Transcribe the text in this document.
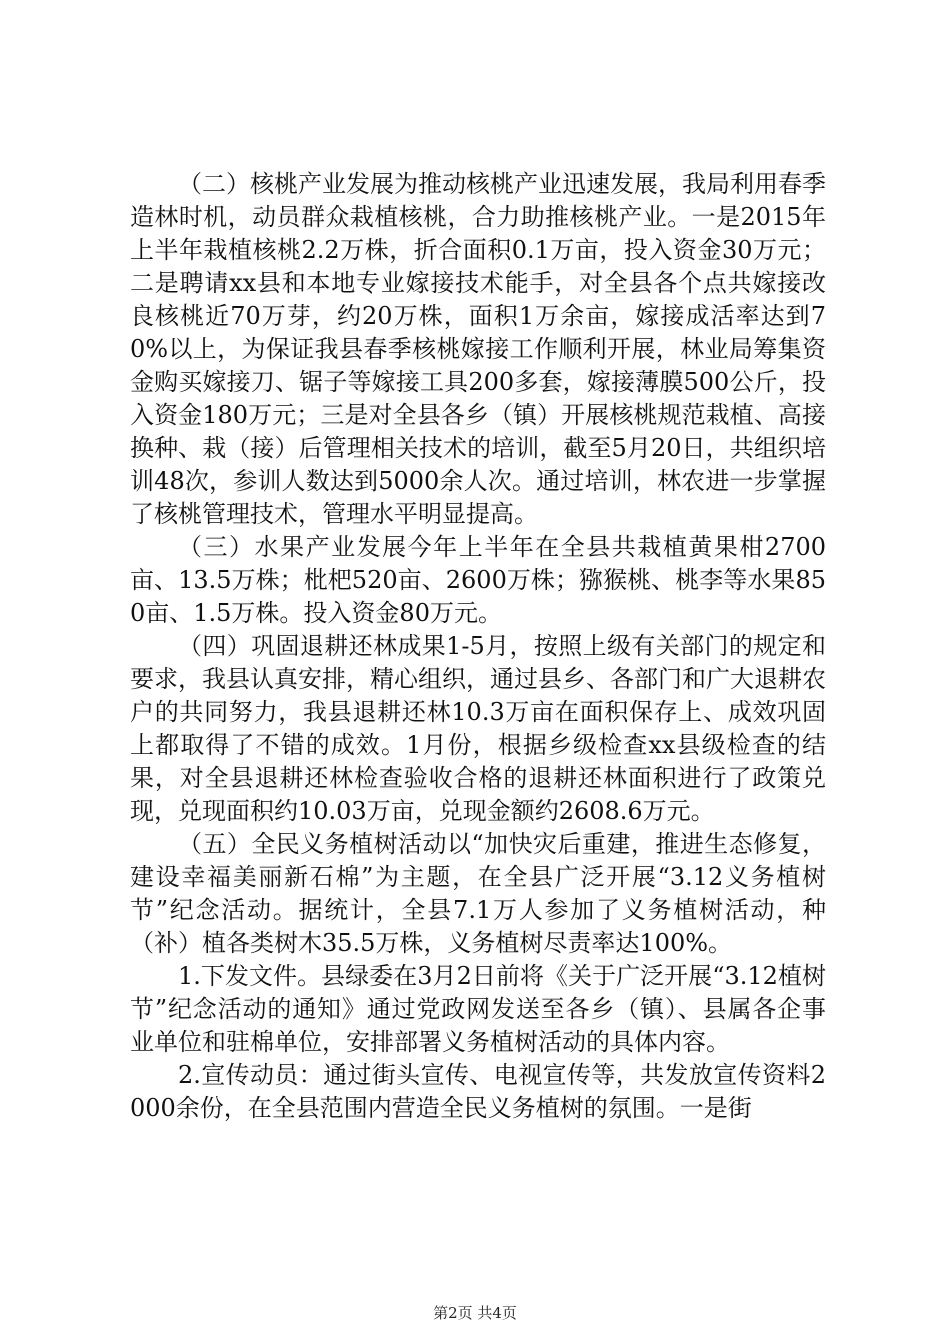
（二）核桃产业发展为推动核桃产业迅速发展，我局利用春季造林时机，动员群众栽植核桃，合力助推核桃产业。一是2015年上半年栽植核桃2.2万株，折合面积0.1万亩，投入资金30万元；二是聘请xx县和本地专业嫁接技术能手，对全县各个点共嫁接改良核桃近70万芽，约20万株，面积1万余亩，嫁接成活率达到70%以上，为保证我县春季核桃嫁接工作顺利开展，林业局筹集资金购买嫁接刀、锯子等嫁接工具200多套，嫁接薄膜500公斤，投入资金180万元；三是对全县各乡（镇）开展核桃规范栽植、高接换种、栽（接）后管理相关技术的培训，截至5月20日，共组织培训48次，参训人数达到5000余人次。通过培训，林农进一步掌握了核桃管理技术，管理水平明显提高。

（三）水果产业发展今年上半年在全县共栽植黄果柑2700亩、13.5万株；枇杷520亩、2600万株；猕猴桃、桃李等水果850亩、1.5万株。投入资金80万元。

（四）巩固退耕还林成果1-5月，按照上级有关部门的规定和要求，我县认真安排，精心组织，通过县乡、各部门和广大退耕农户的共同努力，我县退耕还林10.3万亩在面积保存上、成效巩固上都取得了不错的成效。1月份，根据乡级检查xx县级检查的结果，对全县退耕还林检查验收合格的退耕还林面积进行了政策兑现，兑现面积约10.03万亩，兑现金额约2608.6万元。

（五）全民义务植树活动以“加快灾后重建，推进生态修复，建设幸福美丽新石棉”为主题，在全县广泛开展“3.12义务植树节”纪念活动。据统计，全县7.1万人参加了义务植树活动，种（补）植各类树木35.5万株，义务植树尽责率达100%。

1.下发文件。县绿委在3月2日前将《关于广泛开展“3.12植树节”纪念活动的通知》通过党政网发送至各乡（镇）、县属各企事业单位和驻棉单位，安排部署义务植树活动的具体内容。

2.宣传动员：通过街头宣传、电视宣传等，共发放宣传资料2000余份，在全县范围内营造全民义务植树的氛围。一是街

第2页 共4页
